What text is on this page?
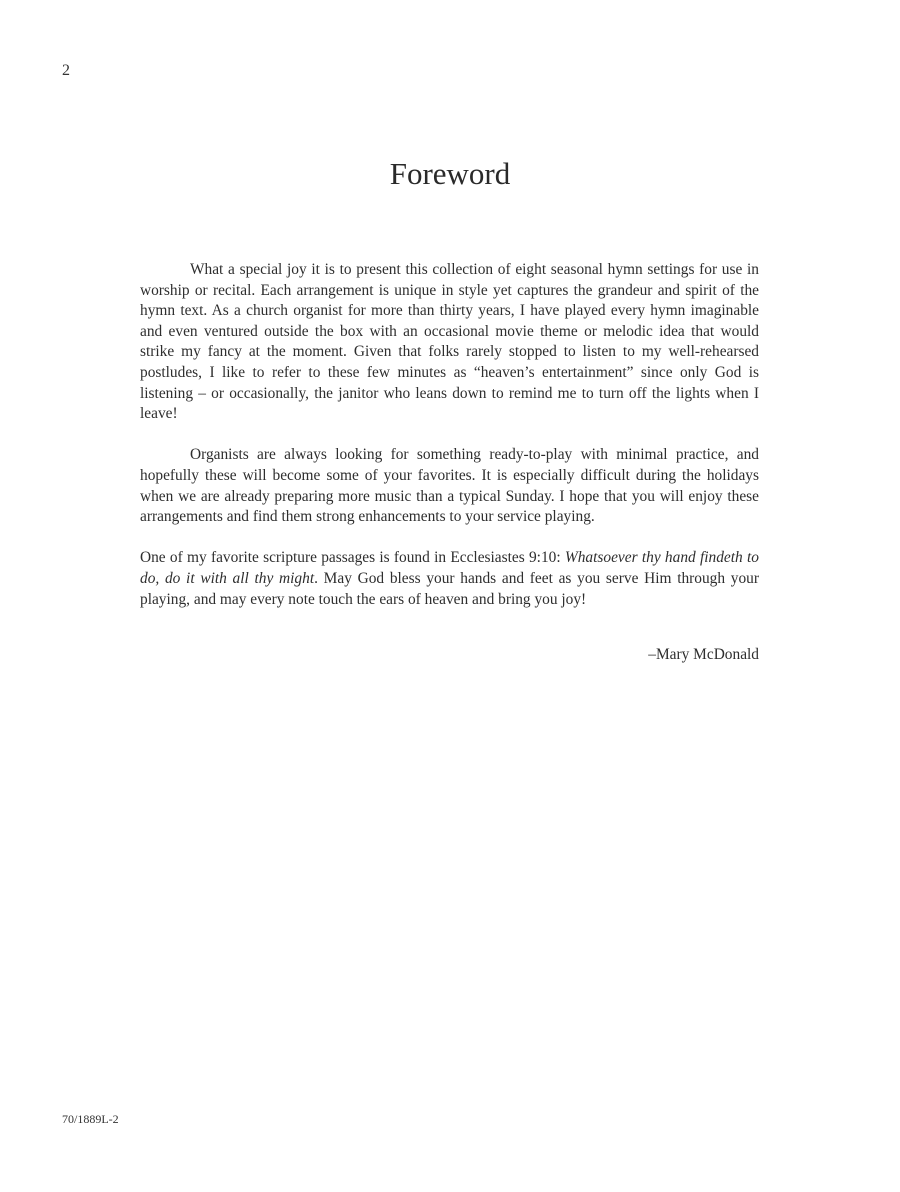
2
Foreword

What a special joy it is to present this collection of eight seasonal hymn settings for use in worship or recital. Each arrangement is unique in style yet captures the grandeur and spirit of the hymn text. As a church organist for more than thirty years, I have played every hymn imaginable and even ventured outside the box with an occasional movie theme or melodic idea that would strike my fancy at the moment. Given that folks rarely stopped to listen to my well-rehearsed postludes, I like to refer to these few minutes as “heaven’s entertainment” since only God is listening – or occasionally, the janitor who leans down to remind me to turn off the lights when I leave!

Organists are always looking for something ready-to-play with minimal practice, and hopefully these will become some of your favorites. It is especially difficult during the holidays when we are already preparing more music than a typical Sunday. I hope that you will enjoy these arrangements and find them strong enhancements to your service playing.

One of my favorite scripture passages is found in Ecclesiastes 9:10: Whatsoever thy hand findeth to do, do it with all thy might. May God bless your hands and feet as you serve Him through your playing, and may every note touch the ears of heaven and bring you joy!

–Mary McDonald
70/1889L-2
